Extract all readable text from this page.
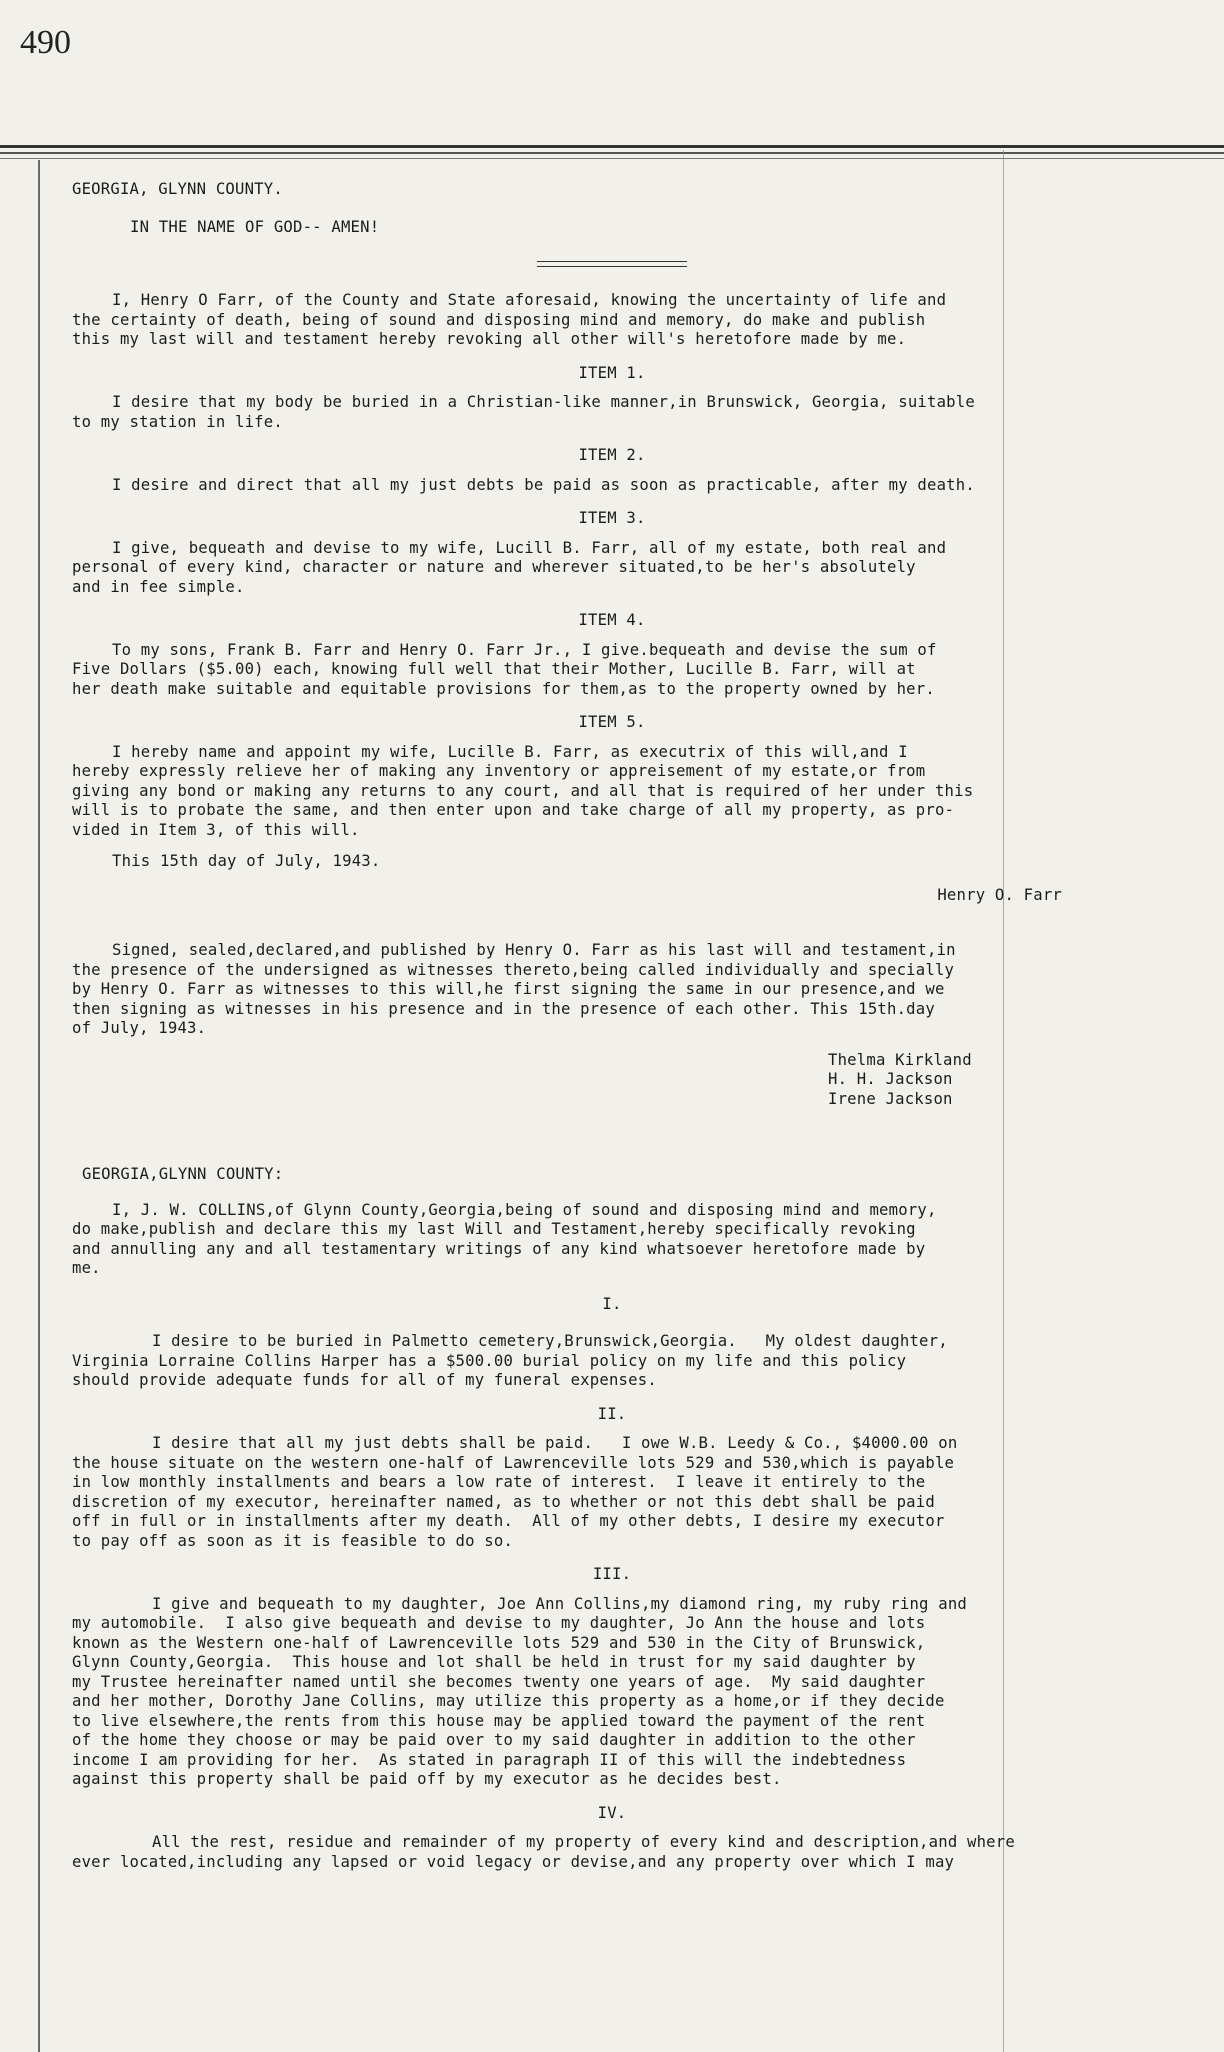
490
GEORGIA, GLYNN COUNTY.
IN THE NAME OF GOD-- AMEN!
I, Henry O Farr, of the County and State aforesaid, knowing the uncertainty of life and
the certainty of death, being of sound and disposing mind and memory, do make and publish
this my last will and testament hereby revoking all other will's heretofore made by me.
ITEM 1.
I desire that my body be buried in a Christian-like manner,in Brunswick, Georgia, suitable
to my station in life.
ITEM 2.
I desire and direct that all my just debts be paid as soon as practicable, after my death.
ITEM 3.
I give, bequeath and devise to my wife, Lucill B. Farr, all of my estate, both real and
personal of every kind, character or nature and wherever situated,to be her's absolutely
and in fee simple.
ITEM 4.
To my sons, Frank B. Farr and Henry O. Farr Jr., I give.bequeath and devise the sum of
Five Dollars ($5.00) each, knowing full well that their Mother, Lucille B. Farr, will at
her death make suitable and equitable provisions for them,as to the property owned by her.
ITEM 5.
I hereby name and appoint my wife, Lucille B. Farr, as executrix of this will,and I
hereby expressly relieve her of making any inventory or appreisement of my estate,or from
giving any bond or making any returns to any court, and all that is required of her under this
will is to probate the same, and then enter upon and take charge of all my property, as pro-
vided in Item 3, of this will.
This 15th day of July, 1943.
Henry O. Farr
Signed, sealed,declared,and published by Henry O. Farr as his last will and testament,in
the presence of the undersigned as witnesses thereto,being called individually and specially
by Henry O. Farr as witnesses to this will,he first signing the same in our presence,and we
then signing as witnesses in his presence and in the presence of each other. This 15th.day
of July, 1943.
Thelma Kirkland
H. H. Jackson
Irene Jackson
GEORGIA,GLYNN COUNTY:
I, J. W. COLLINS,of Glynn County,Georgia,being of sound and disposing mind and memory,
do make,publish and declare this my last Will and Testament,hereby specifically revoking
and annulling any and all testamentary writings of any kind whatsoever heretofore made by
me.
I.
I desire to be buried in Palmetto cemetery,Brunswick,Georgia.   My oldest daughter,
Virginia Lorraine Collins Harper has a $500.00 burial policy on my life and this policy
should provide adequate funds for all of my funeral expenses.
II.
I desire that all my just debts shall be paid.   I owe W.B. Leedy & Co., $4000.00 on
the house situate on the western one-half of Lawrenceville lots 529 and 530,which is payable
in low monthly installments and bears a low rate of interest.  I leave it entirely to the
discretion of my executor, hereinafter named, as to whether or not this debt shall be paid
off in full or in installments after my death.  All of my other debts, I desire my executor
to pay off as soon as it is feasible to do so.
III.
I give and bequeath to my daughter, Joe Ann Collins,my diamond ring, my ruby ring and
my automobile.  I also give bequeath and devise to my daughter, Jo Ann the house and lots
known as the Western one-half of Lawrenceville lots 529 and 530 in the City of Brunswick,
Glynn County,Georgia.  This house and lot shall be held in trust for my said daughter by
my Trustee hereinafter named until she becomes twenty one years of age.  My said daughter
and her mother, Dorothy Jane Collins, may utilize this property as a home,or if they decide
to live elsewhere,the rents from this house may be applied toward the payment of the rent
of the home they choose or may be paid over to my said daughter in addition to the other
income I am providing for her.  As stated in paragraph II of this will the indebtedness
against this property shall be paid off by my executor as he decides best.
IV.
All the rest, residue and remainder of my property of every kind and description,and where
ever located,including any lapsed or void legacy or devise,and any property over which I may
